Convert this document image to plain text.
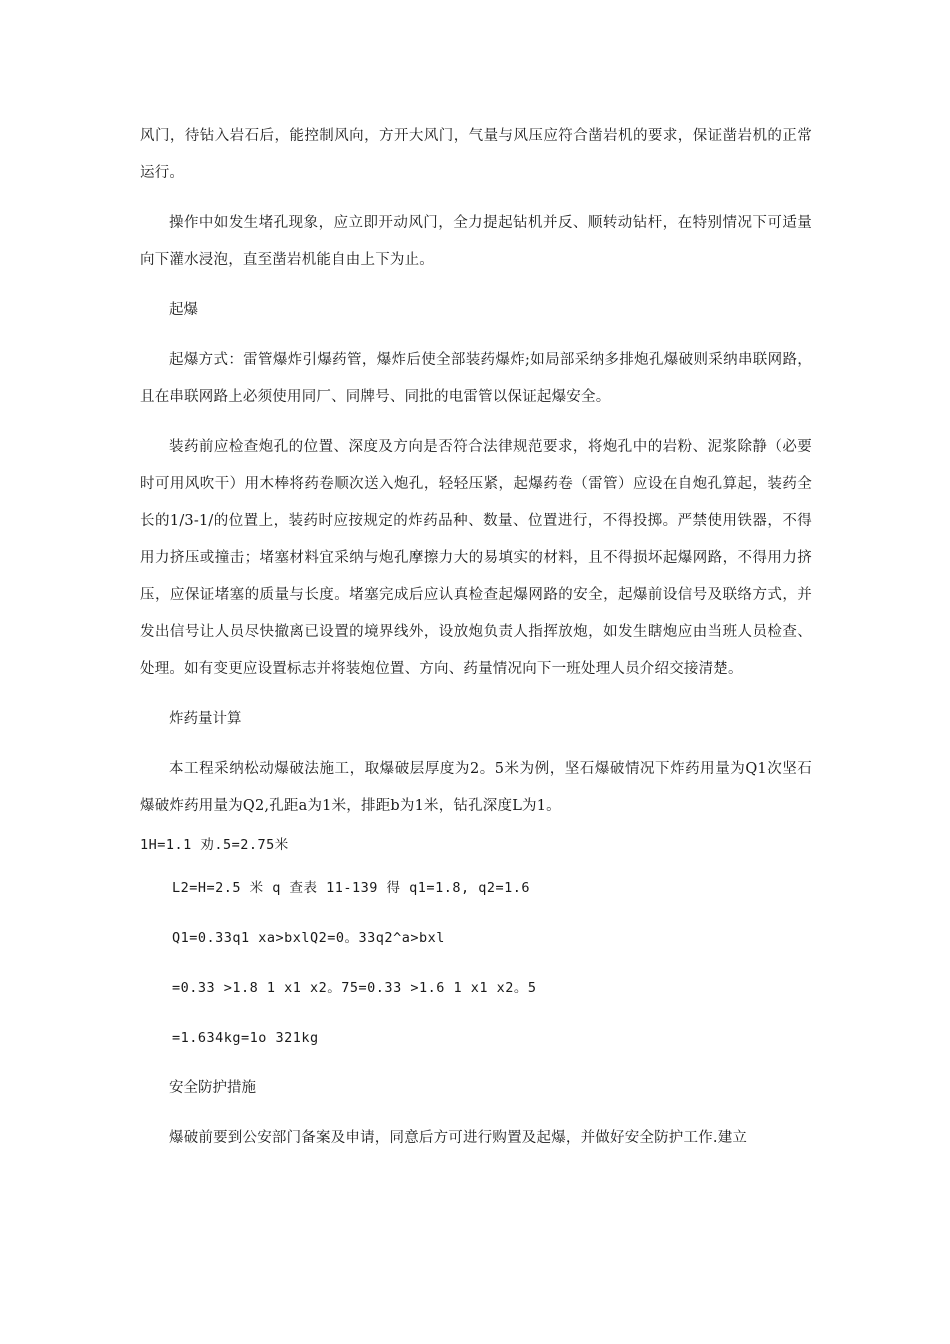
风门，待钻入岩石后，能控制风向，方开大风门，气量与风压应符合凿岩机的要求，保证凿岩机的正常运行。

操作中如发生堵孔现象，应立即开动风门，全力提起钻机并反、顺转动钻杆，在特别情况下可适量向下灌水浸泡，直至凿岩机能自由上下为止。

起爆

起爆方式：雷管爆炸引爆药管，爆炸后使全部装药爆炸;如局部采纳多排炮孔爆破则采纳串联网路，且在串联网路上必须使用同厂、同牌号、同批的电雷管以保证起爆安全。

装药前应检查炮孔的位置、深度及方向是否符合法律规范要求，将炮孔中的岩粉、泥浆除静（必要时可用风吹干）用木棒将药卷顺次送入炮孔，轻轻压紧，起爆药卷（雷管）应设在自炮孔算起，装药全长的1/3-1/的位置上，装药时应按规定的炸药品种、数量、位置进行，不得投掷。严禁使用铁器，不得用力挤压或撞击；堵塞材料宜采纳与炮孔摩擦力大的易填实的材料，且不得损坏起爆网路，不得用力挤压，应保证堵塞的质量与长度。堵塞完成后应认真检查起爆网路的安全，起爆前设信号及联络方式，并发出信号让人员尽快撤离已设置的境界线外，设放炮负责人指挥放炮，如发生瞎炮应由当班人员检查、处理。如有变更应设置标志并将装炮位置、方向、药量情况向下一班处理人员介绍交接清楚。

炸药量计算

本工程采纳松动爆破法施工，取爆破层厚度为2。5米为例，坚石爆破情况下炸药用量为Q1次坚石爆破炸药用量为Q2,孔距a为1米，排距b为1米，钻孔深度L为1。

1H=1.1 劝.5=2.75米
L2=H=2.5 米 q 查表 11-139 得 q1=1.8, q2=1.6
Q1=0.33q1 xa>bxlQ2=0。33q2^a>bxl
=0.33 >1.8 1 x1 x2。75=0.33 >1.6 1 x1 x2。5
=1.634kg=1o 321kg
安全防护措施

爆破前要到公安部门备案及申请，同意后方可进行购置及起爆，并做好安全防护工作.建立
